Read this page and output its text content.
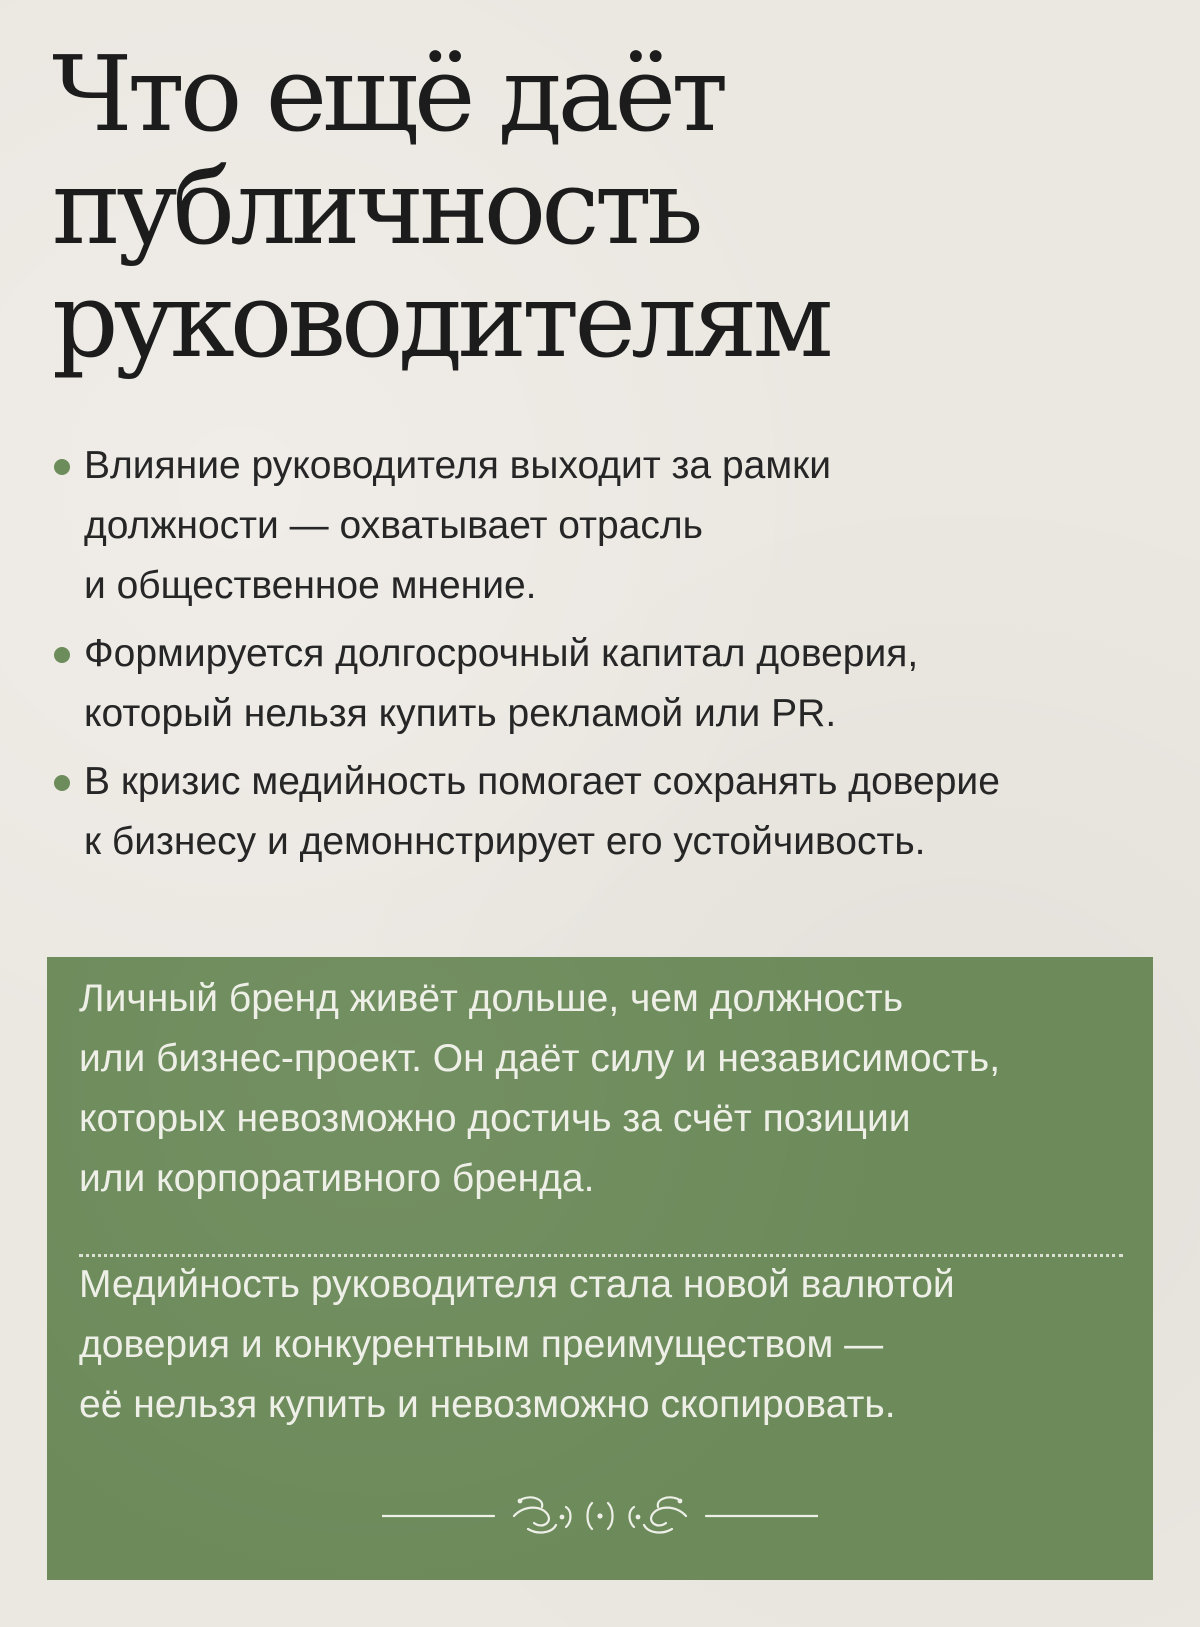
Что ещё даёт
публичность
руководителям
Влияние руководителя выходит за рамки
должности — охватывает отрасль
и общественное мнение.
Формируется долгосрочный капитал доверия,
который нельзя купить рекламой или PR.
В кризис медийность помогает сохранять доверие
к бизнесу и демоннстрирует его устойчивость.

Личный бренд живёт дольше, чем должность
или бизнес-проект. Он даёт силу и независимость,
которых невозможно достичь за счёт позиции
или корпоративного бренда.

Медийность руководителя стала новой валютой
доверия и конкурентным преимуществом —
её нельзя купить и невозможно скопировать.
